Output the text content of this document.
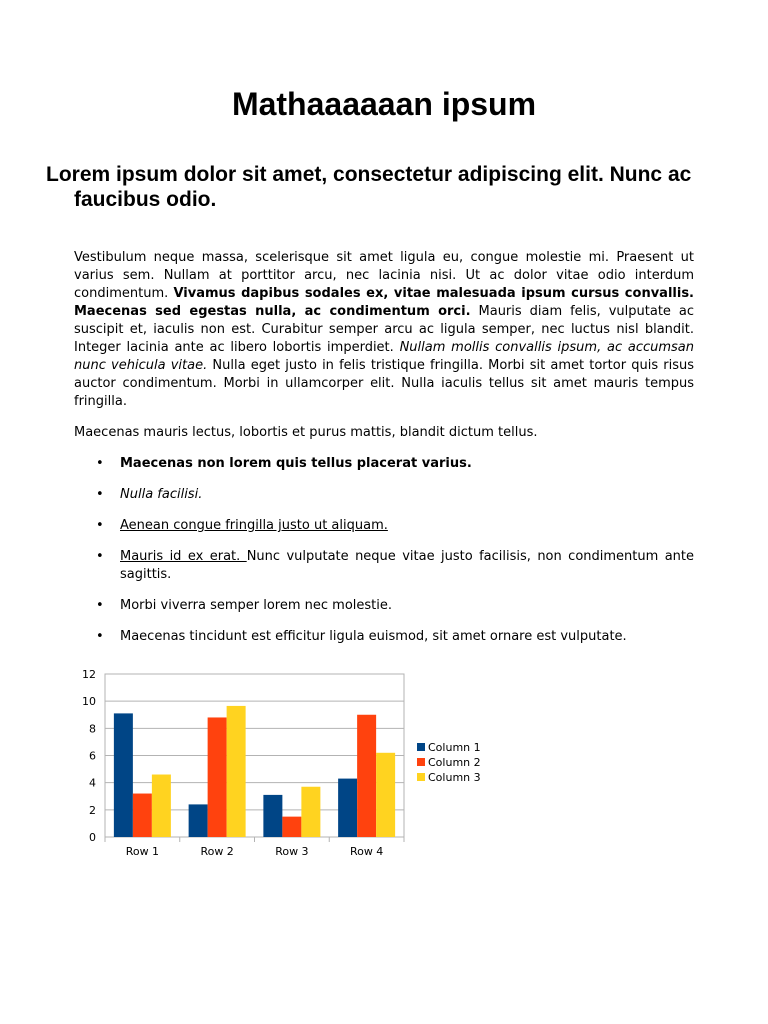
Mathaaaaaan ipsum
Lorem ipsum dolor sit amet, consectetur adipiscing elit. Nunc ac faucibus odio.

Vestibulum neque massa, scelerisque sit amet ligula eu, congue molestie mi. Praesent ut varius sem. Nullam at porttitor arcu, nec lacinia nisi. Ut ac dolor vitae odio interdum condimentum. Vivamus dapibus sodales ex, vitae malesuada ipsum cursus convallis. Maecenas sed egestas nulla, ac condimentum orci. Mauris diam felis, vulputate ac suscipit et, iaculis non est. Curabitur semper arcu ac ligula semper, nec luctus nisl blandit. Integer lacinia ante ac libero lobortis imperdiet. Nullam mollis convallis ipsum, ac accumsan nunc vehicula vitae. Nulla eget justo in felis tristique fringilla. Morbi sit amet tortor quis risus auctor condimentum. Morbi in ullamcorper elit. Nulla iaculis tellus sit amet mauris tempus fringilla.

Maecenas mauris lectus, lobortis et purus mattis, blandit dictum tellus.

• Maecenas non lorem quis tellus placerat varius.
• Nulla facilisi.
• Aenean congue fringilla justo ut aliquam.
• Mauris id ex erat. Nunc vulputate neque vitae justo facilisis, non condimentum ante sagittis.
• Morbi viverra semper lorem nec molestie.
• Maecenas tincidunt est efficitur ligula euismod, sit amet ornare est vulputate.
0
2
4
6
8
10
12
Row 1	Row 2	Row 3	Row 4
Column 1
Column 2
Column 3
